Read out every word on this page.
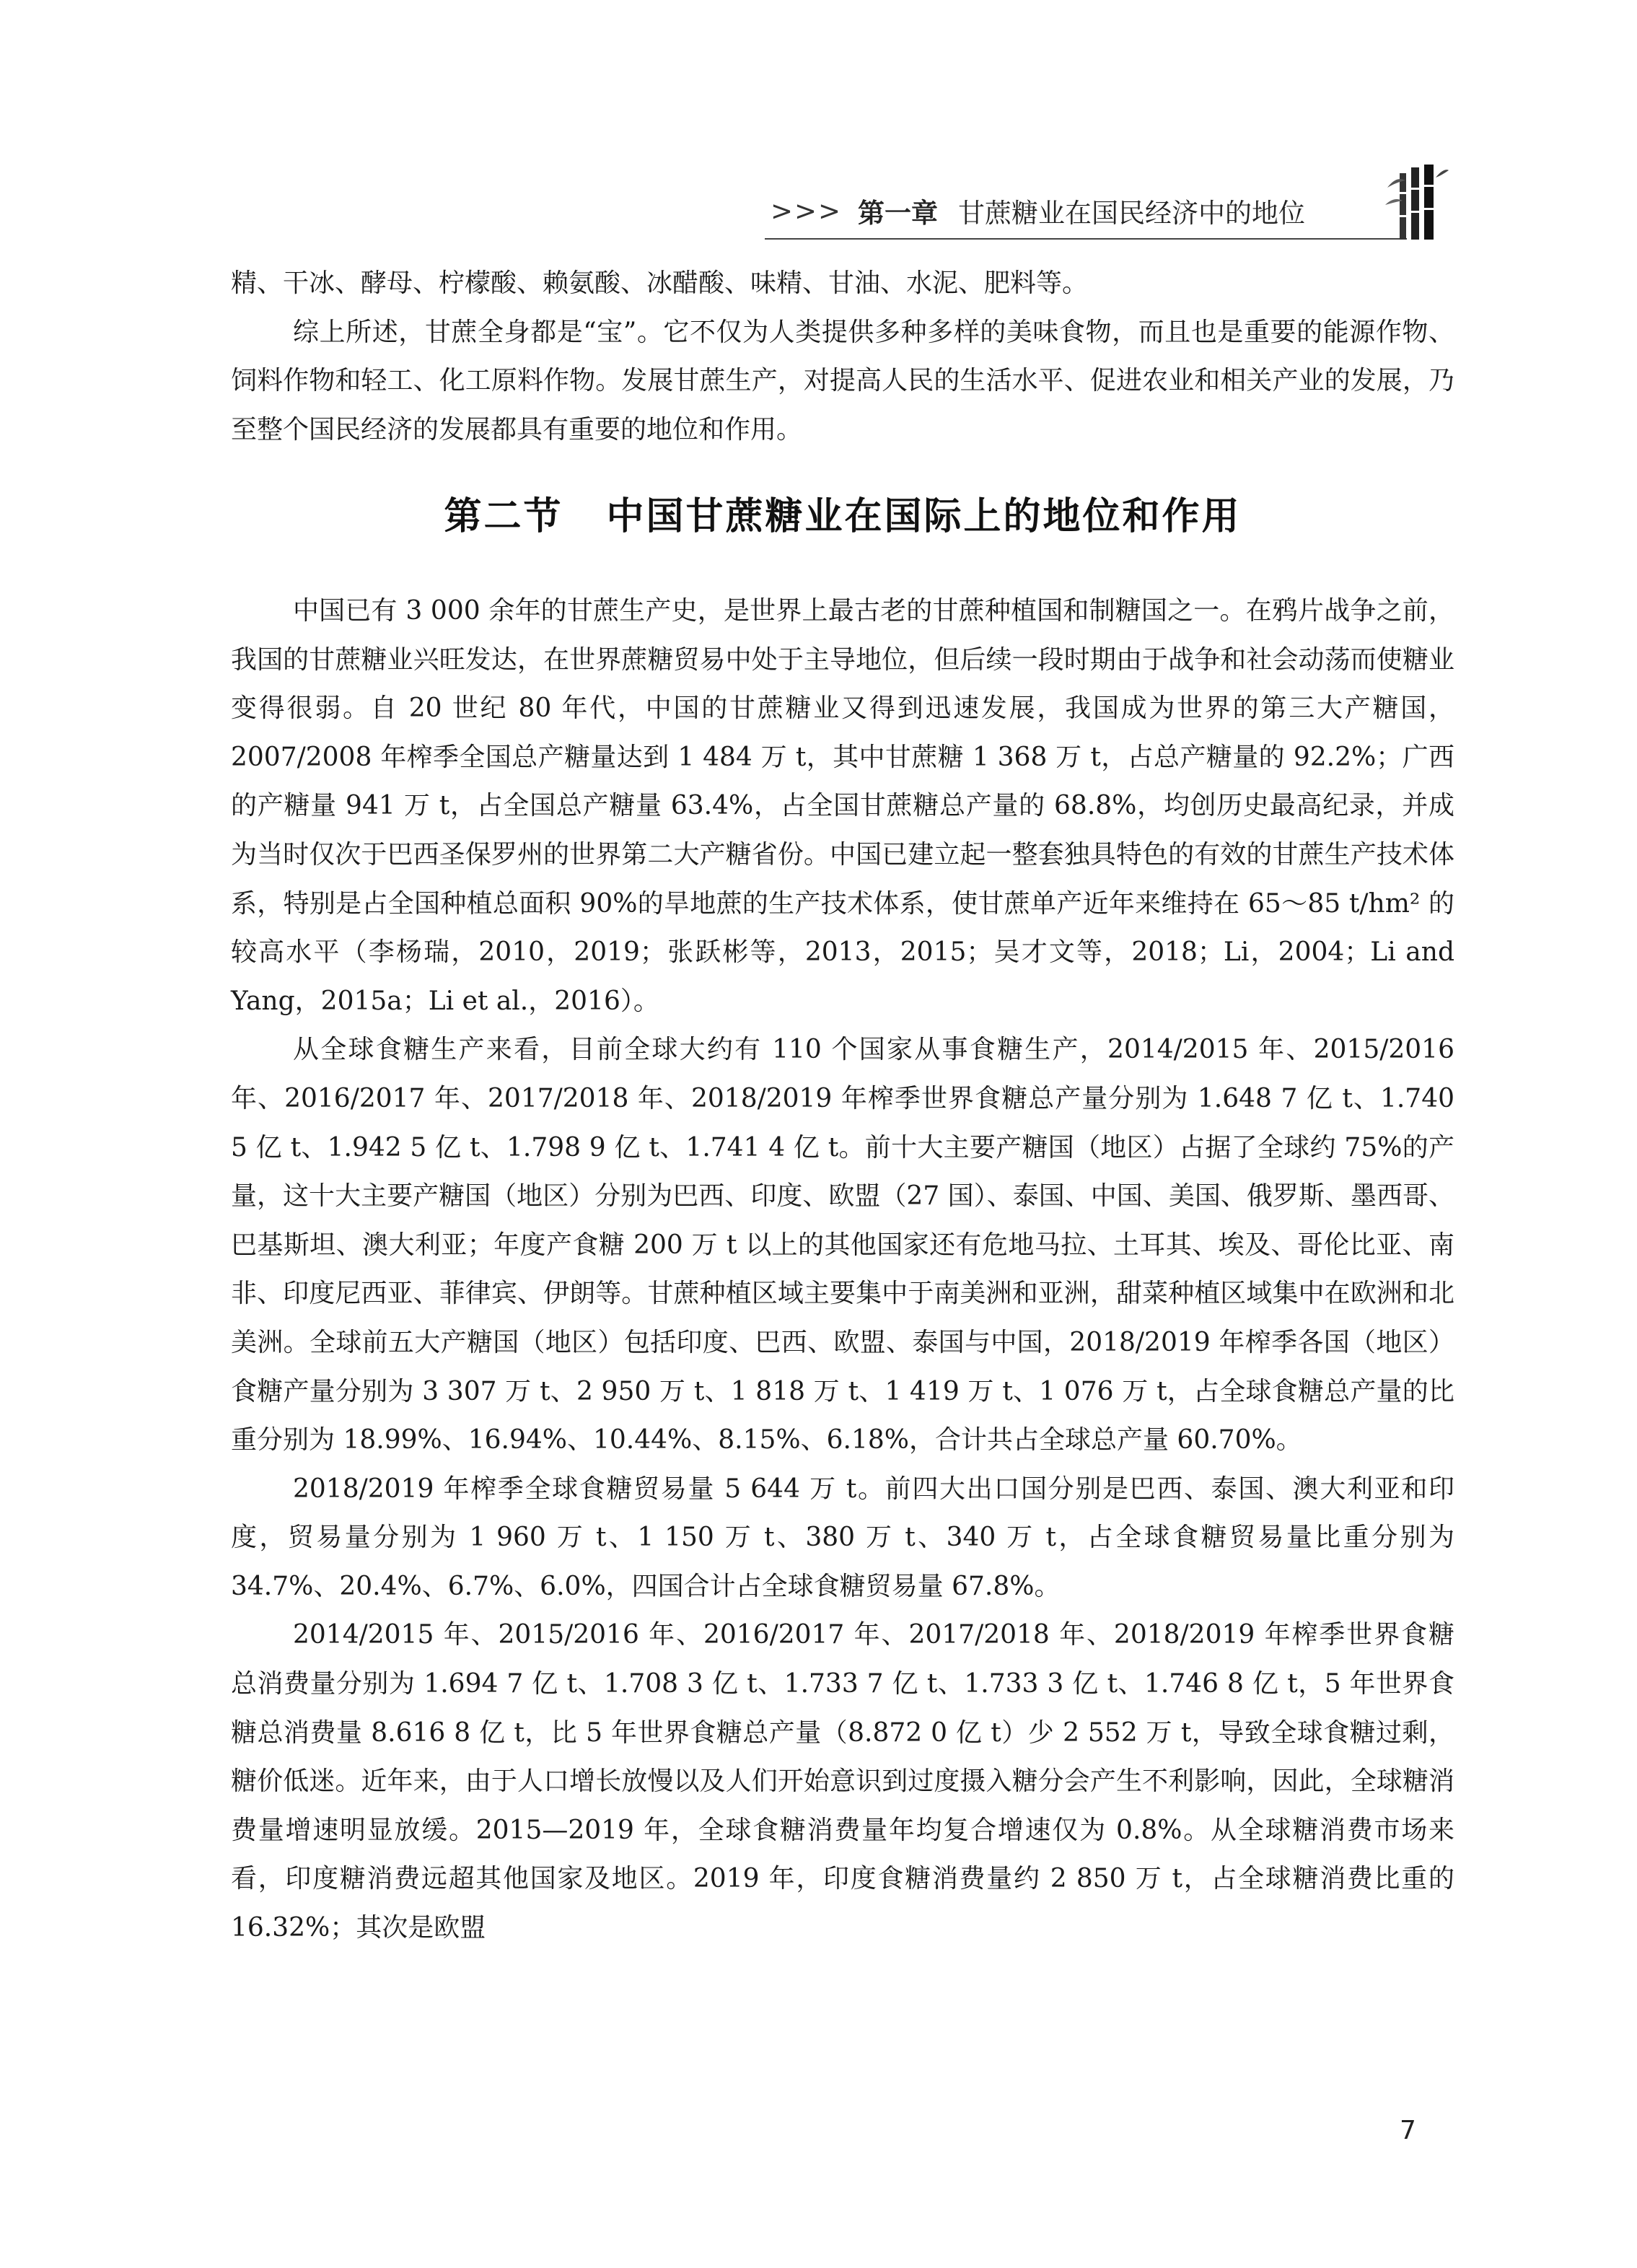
>>> 第一章 甘蔗糖业在国民经济中的地位

精、干冰、酵母、柠檬酸、赖氨酸、冰醋酸、味精、甘油、水泥、肥料等。

综上所述，甘蔗全身都是“宝”。它不仅为人类提供多种多样的美味食物，而且也是重要的能源作物、饲料作物和轻工、化工原料作物。发展甘蔗生产，对提高人民的生活水平、促进农业和相关产业的发展，乃至整个国民经济的发展都具有重要的地位和作用。

第二节 中国甘蔗糖业在国际上的地位和作用

中国已有 3 000 余年的甘蔗生产史，是世界上最古老的甘蔗种植国和制糖国之一。在鸦片战争之前，我国的甘蔗糖业兴旺发达，在世界蔗糖贸易中处于主导地位，但后续一段时期由于战争和社会动荡而使糖业变得很弱。自 20 世纪 80 年代，中国的甘蔗糖业又得到迅速发展，我国成为世界的第三大产糖国，2007/2008 年榨季全国总产糖量达到 1 484 万 t，其中甘蔗糖 1 368 万 t，占总产糖量的 92.2%；广西的产糖量 941 万 t，占全国总产糖量 63.4%，占全国甘蔗糖总产量的 68.8%，均创历史最高纪录，并成为当时仅次于巴西圣保罗州的世界第二大产糖省份。中国已建立起一整套独具特色的有效的甘蔗生产技术体系，特别是占全国种植总面积 90%的旱地蔗的生产技术体系，使甘蔗单产近年来维持在 65～85 t/hm² 的较高水平（李杨瑞，2010，2019；张跃彬等，2013，2015；吴才文等，2018；Li，2004；Li and Yang，2015a；Li et al.，2016）。

从全球食糖生产来看，目前全球大约有 110 个国家从事食糖生产，2014/2015 年、2015/2016 年、2016/2017 年、2017/2018 年、2018/2019 年榨季世界食糖总产量分别为 1.648 7 亿 t、1.740 5 亿 t、1.942 5 亿 t、1.798 9 亿 t、1.741 4 亿 t。前十大主要产糖国（地区）占据了全球约 75%的产量，这十大主要产糖国（地区）分别为巴西、印度、欧盟（27 国）、泰国、中国、美国、俄罗斯、墨西哥、巴基斯坦、澳大利亚；年度产食糖 200 万 t 以上的其他国家还有危地马拉、土耳其、埃及、哥伦比亚、南非、印度尼西亚、菲律宾、伊朗等。甘蔗种植区域主要集中于南美洲和亚洲，甜菜种植区域集中在欧洲和北美洲。全球前五大产糖国（地区）包括印度、巴西、欧盟、泰国与中国，2018/2019 年榨季各国（地区）食糖产量分别为 3 307 万 t、2 950 万 t、1 818 万 t、1 419 万 t、1 076 万 t，占全球食糖总产量的比重分别为 18.99%、16.94%、10.44%、8.15%、6.18%，合计共占全球总产量 60.70%。

2018/2019 年榨季全球食糖贸易量 5 644 万 t。前四大出口国分别是巴西、泰国、澳大利亚和印度，贸易量分别为 1 960 万 t、1 150 万 t、380 万 t、340 万 t，占全球食糖贸易量比重分别为 34.7%、20.4%、6.7%、6.0%，四国合计占全球食糖贸易量 67.8%。

2014/2015 年、2015/2016 年、2016/2017 年、2017/2018 年、2018/2019 年榨季世界食糖总消费量分别为 1.694 7 亿 t、1.708 3 亿 t、1.733 7 亿 t、1.733 3 亿 t、1.746 8 亿 t，5 年世界食糖总消费量 8.616 8 亿 t，比 5 年世界食糖总产量（8.872 0 亿 t）少 2 552 万 t，导致全球食糖过剩，糖价低迷。近年来，由于人口增长放慢以及人们开始意识到过度摄入糖分会产生不利影响，因此，全球糖消费量增速明显放缓。2015—2019 年，全球食糖消费量年均复合增速仅为 0.8%。从全球糖消费市场来看，印度糖消费远超其他国家及地区。2019 年，印度食糖消费量约 2 850 万 t，占全球糖消费比重的 16.32%；其次是欧盟

7
